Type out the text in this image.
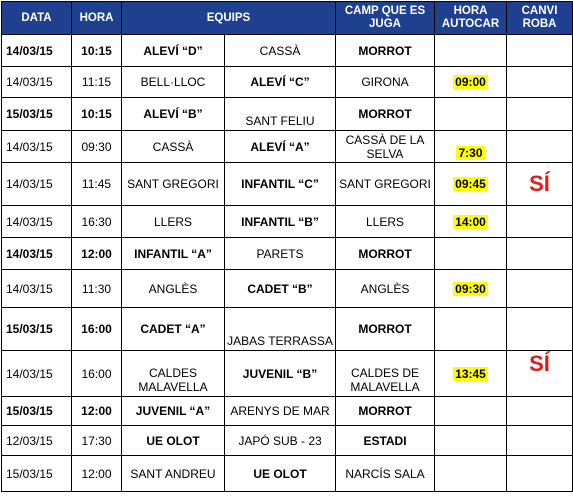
DATA	HORA	EQUIPS		CAMP QUE ES JUGA	HORA AUTOCAR	CANVI ROBA
14/03/15	10:15	ALEVÍ “D”	CASSÀ	MORROT		
14/03/15	11:15	BELL·LLOC	ALEVÍ “C”	GIRONA	09:00	
15/03/15	10:15	ALEVÍ “B”	SANT FELIU	MORROT		
14/03/15	09:30	CASSÀ	ALEVÍ “A”	CASSÀ DE LA SELVA	7:30	
14/03/15	11:45	SANT GREGORI	INFANTIL “C”	SANT GREGORI	09:45	SÍ
14/03/15	16:30	LLERS	INFANTIL “B”	LLERS	14:00	
14/03/15	12:00	INFANTIL “A”	PARETS	MORROT		
14/03/15	11:30	ANGLÈS	CADET “B”	ANGLÈS	09:30	
15/03/15	16:00	CADET “A”	JABAS TERRASSA	MORROT		
14/03/15	16:00	CALDES MALAVELLA	JUVENIL “B”	CALDES DE MALAVELLA	13:45	SÍ
15/03/15	12:00	JUVENIL “A”	ARENYS DE MAR	MORROT		
12/03/15	17:30	UE OLOT	JAPÓ SUB - 23	ESTADI		
15/03/15	12:00	SANT ANDREU	UE OLOT	NARCÍS SALA		
